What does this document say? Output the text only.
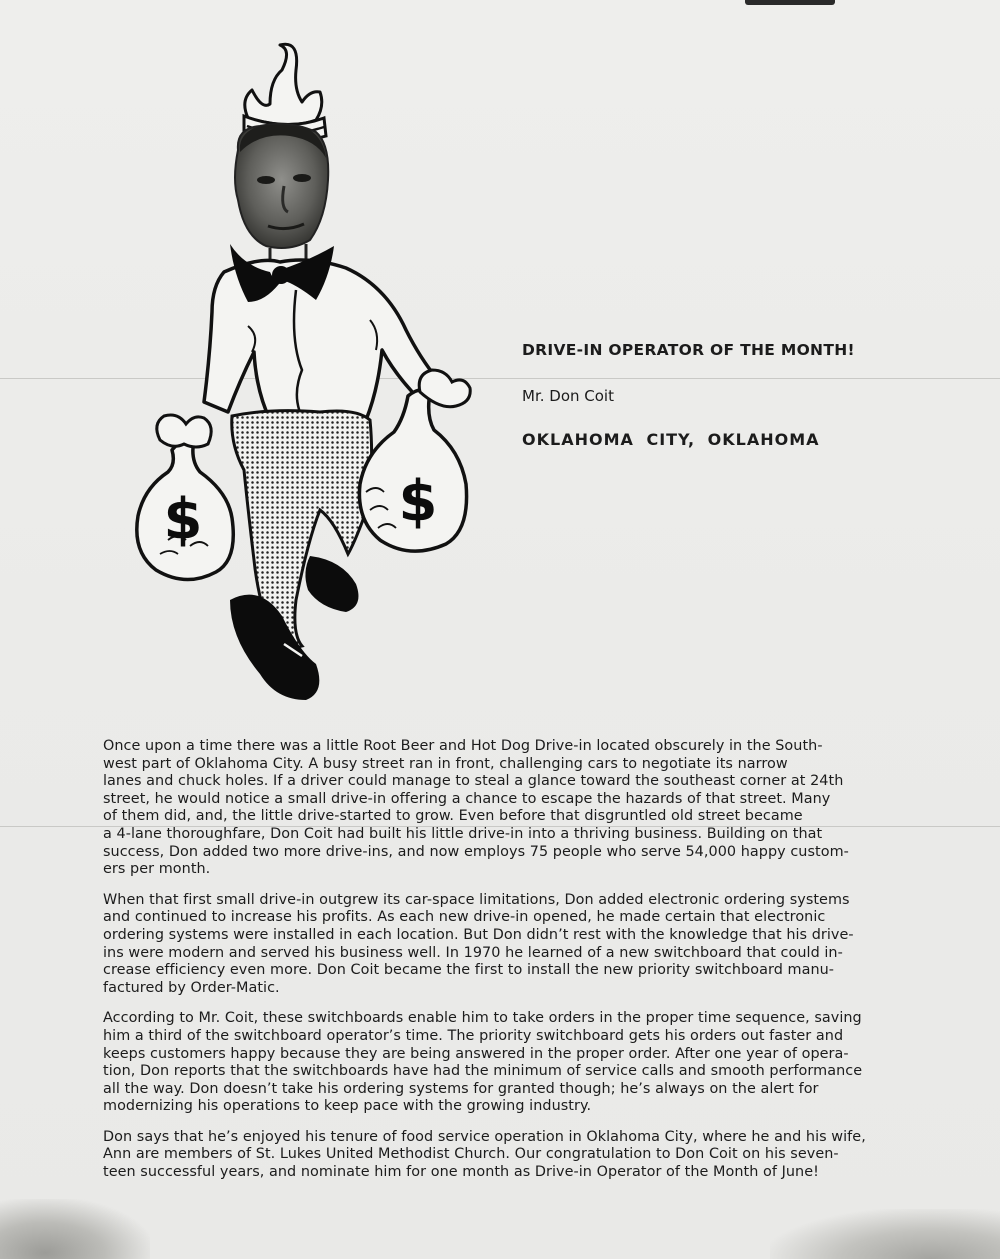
$	$

DRIVE-IN OPERATOR OF THE MONTH!

Mr. Don Coit

OKLAHOMA CITY, OKLAHOMA

Once upon a time there was a little Root Beer and Hot Dog Drive-in located obscurely in the South-
west part of Oklahoma City. A busy street ran in front, challenging cars to negotiate its narrow
lanes and chuck holes. If a driver could manage to steal a glance toward the southeast corner at 24th
street, he would notice a small drive-in offering a chance to escape the hazards of that street. Many
of them did, and, the little drive-started to grow. Even before that disgruntled old street became
a 4-lane thoroughfare, Don Coit had built his little drive-in into a thriving business. Building on that
success, Don added two more drive-ins, and now employs 75 people who serve 54,000 happy custom-
ers per month.

When that first small drive-in outgrew its car-space limitations, Don added electronic ordering systems
and continued to increase his profits. As each new drive-in opened, he made certain that electronic
ordering systems were installed in each location. But Don didn’t rest with the knowledge that his drive-
ins were modern and served his business well. In 1970 he learned of a new switchboard that could in-
crease efficiency even more. Don Coit became the first to install the new priority switchboard manu-
factured by Order-Matic.

According to Mr. Coit, these switchboards enable him to take orders in the proper time sequence, saving
him a third of the switchboard operator’s time. The priority switchboard gets his orders out faster and
keeps customers happy because they are being answered in the proper order. After one year of opera-
tion, Don reports that the switchboards have had the minimum of service calls and smooth performance
all the way. Don doesn’t take his ordering systems for granted though; he’s always on the alert for
modernizing his operations to keep pace with the growing industry.

Don says that he’s enjoyed his tenure of food service operation in Oklahoma City, where he and his wife,
Ann are members of St. Lukes United Methodist Church. Our congratulation to Don Coit on his seven-
teen successful years, and nominate him for one month as Drive-in Operator of the Month of June!
